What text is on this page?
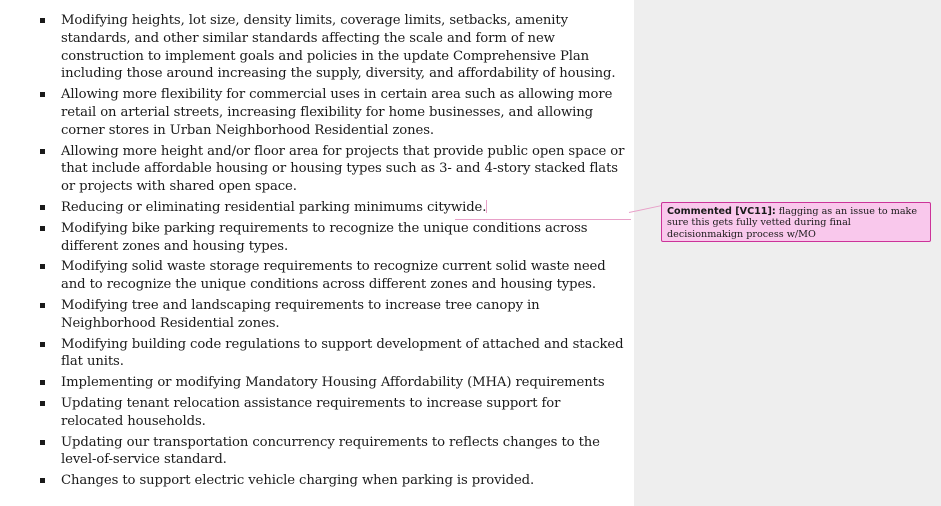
Modifying heights, lot size, density limits, coverage limits, setbacks, amenity standards, and other similar standards affecting the scale and form of new construction to implement goals and policies in the update Comprehensive Plan including those around increasing the supply, diversity, and affordability of housing.
Allowing more flexibility for commercial uses in certain area such as allowing more retail on arterial streets, increasing flexibility for home businesses, and allowing corner stores in Urban Neighborhood Residential zones.
Allowing more height and/or floor area for projects that provide public open space or that include affordable housing or housing types such as 3- and 4-story stacked flats or projects with shared open space.
Reducing or eliminating residential parking minimums citywide.
Modifying bike parking requirements to recognize the unique conditions across different zones and housing types.
Modifying solid waste storage requirements to recognize current solid waste need and to recognize the unique conditions across different zones and housing types.
Modifying tree and landscaping requirements to increase tree canopy in Neighborhood Residential zones.
Modifying building code regulations to support development of attached and stacked flat units.
Implementing or modifying Mandatory Housing Affordability (MHA) requirements
Updating tenant relocation assistance requirements to increase support for relocated households.
Updating our transportation concurrency requirements to reflects changes to the level-of-service standard.
Changes to support electric vehicle charging when parking is provided.
Commented [VC11]: flagging as an issue to make sure this gets fully vetted during final decisionmakign process w/MO
